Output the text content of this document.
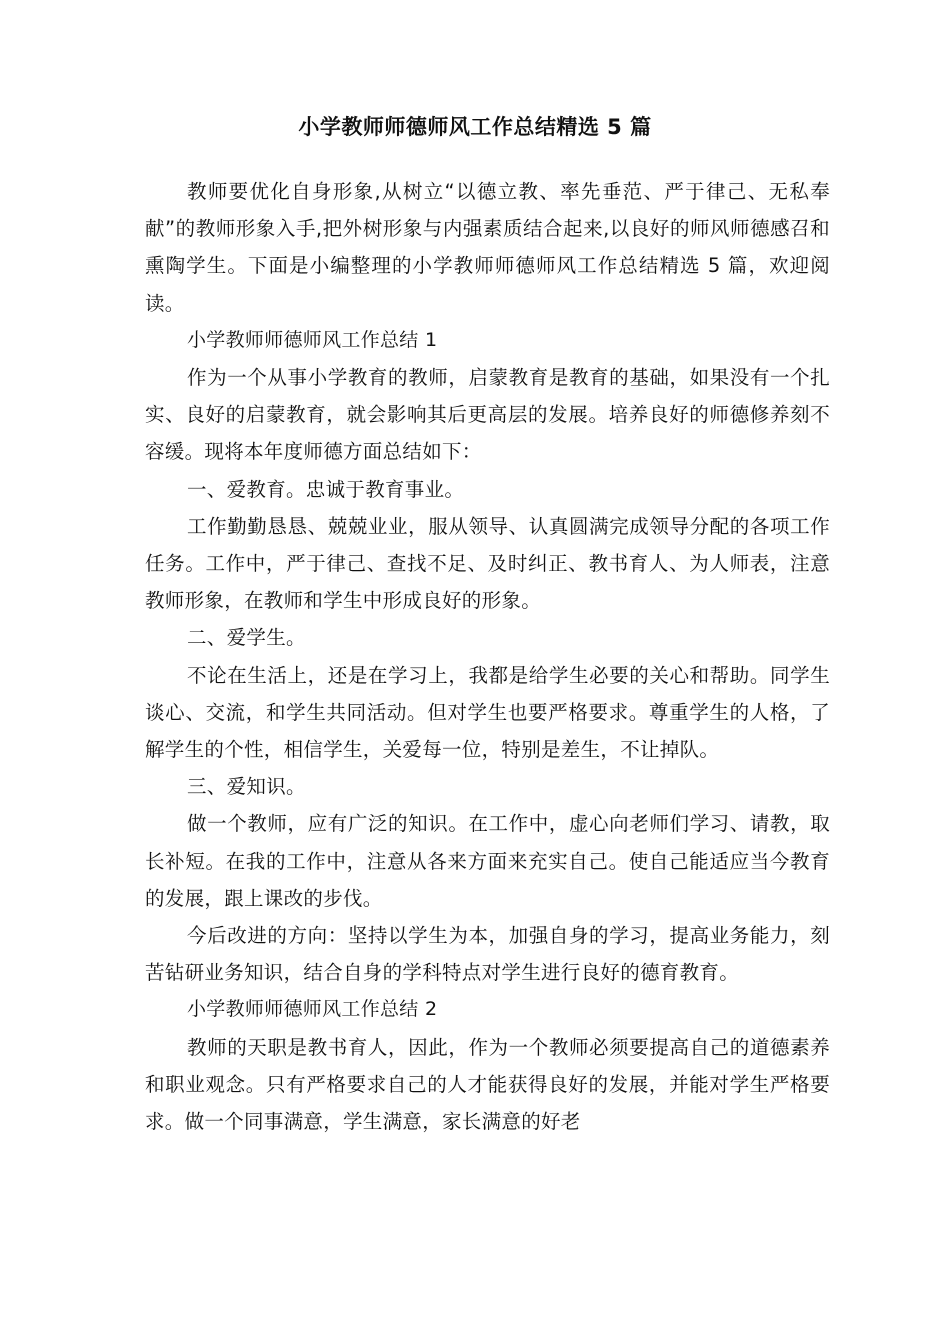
小学教师师德师风工作总结精选 5 篇

教师要优化自身形象,从树立“以德立教、率先垂范、严于律己、无私奉献”的教师形象入手,把外树形象与内强素质结合起来,以良好的师风师德感召和熏陶学生。下面是小编整理的小学教师师德师风工作总结精选 5 篇，欢迎阅读。

小学教师师德师风工作总结 1

作为一个从事小学教育的教师，启蒙教育是教育的基础，如果没有一个扎实、良好的启蒙教育，就会影响其后更高层的发展。培养良好的师德修养刻不容缓。现将本年度师德方面总结如下：

一、爱教育。忠诚于教育事业。

工作勤勤恳恳、兢兢业业，服从领导、认真圆满完成领导分配的各项工作任务。工作中，严于律己、查找不足、及时纠正、教书育人、为人师表，注意教师形象，在教师和学生中形成良好的形象。

二、爱学生。

不论在生活上，还是在学习上，我都是给学生必要的关心和帮助。同学生谈心、交流，和学生共同活动。但对学生也要严格要求。尊重学生的人格，了解学生的个性，相信学生，关爱每一位，特别是差生，不让掉队。

三、爱知识。

做一个教师，应有广泛的知识。在工作中，虚心向老师们学习、请教，取长补短。在我的工作中，注意从各来方面来充实自己。使自己能适应当今教育的发展，跟上课改的步伐。

今后改进的方向：坚持以学生为本，加强自身的学习，提高业务能力，刻苦钻研业务知识，结合自身的学科特点对学生进行良好的德育教育。

小学教师师德师风工作总结 2

教师的天职是教书育人，因此，作为一个教师必须要提高自己的道德素养和职业观念。只有严格要求自己的人才能获得良好的发展，并能对学生严格要求。做一个同事满意，学生满意，家长满意的好老
